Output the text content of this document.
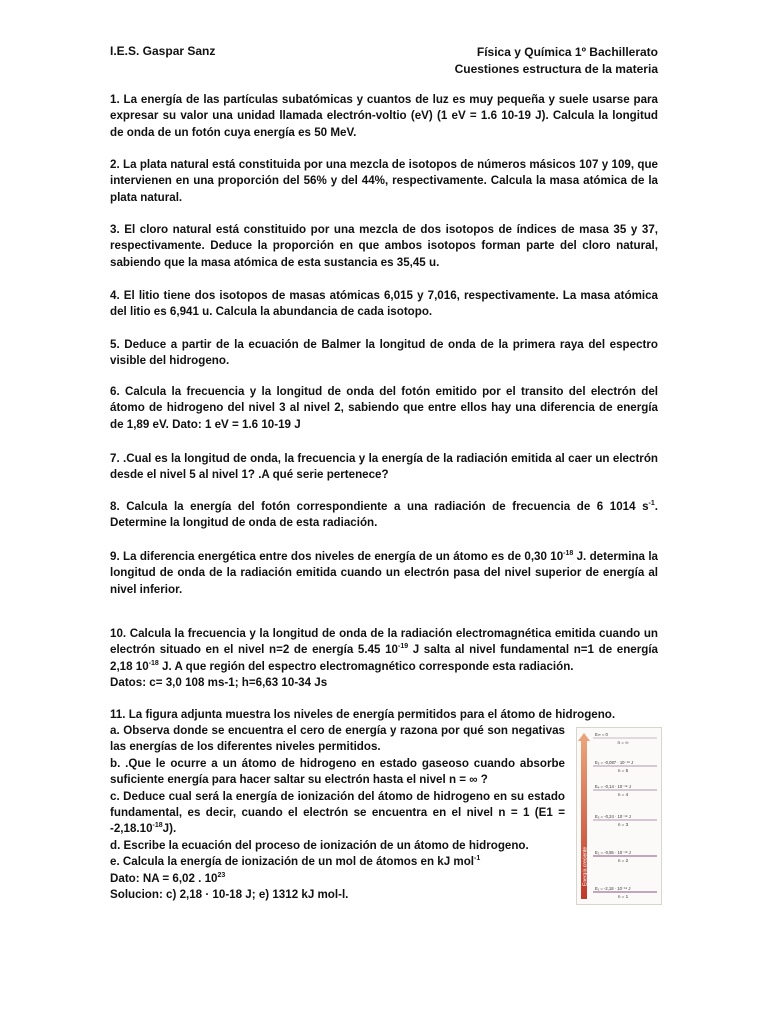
I.E.S. Gaspar Sanz	Física y Química 1º Bachillerato
Cuestiones estructura de la materia

1. La energía de las partículas subatómicas y cuantos de luz es muy pequeña y suele usarse para expresar su valor una unidad llamada electrón-voltio (eV) (1 eV = 1.6 10-19 J). Calcula la longitud de onda de un fotón cuya energía es 50 MeV.

2. La plata natural está constituida por una mezcla de isotopos de números másicos 107 y 109, que intervienen en una proporción del 56% y del 44%, respectivamente. Calcula la masa atómica de la plata natural.

3. El cloro natural está constituido por una mezcla de dos isotopos de índices de masa 35 y 37, respectivamente. Deduce la proporción en que ambos isotopos forman parte del cloro natural, sabiendo que la masa atómica de esta sustancia es 35,45 u.

4. El litio tiene dos isotopos de masas atómicas 6,015 y 7,016, respectivamente. La masa atómica del litio es 6,941 u. Calcula la abundancia de cada isotopo.

5. Deduce a partir de la ecuación de Balmer la longitud de onda de la primera raya del espectro visible del hidrogeno.

6. Calcula la frecuencia y la longitud de onda del fotón emitido por el transito del electrón del átomo de hidrogeno del nivel 3 al nivel 2, sabiendo que entre ellos hay una diferencia de energía de 1,89 eV. Dato: 1 eV = 1.6 10-19 J

7. .Cual es la longitud de onda, la frecuencia y la energía de la radiación emitida al caer un electrón desde el nivel 5 al nivel 1? .A qué serie pertenece?

8. Calcula la energía del fotón correspondiente a una radiación de frecuencia de 6 1014 $s^{-1}$. Determine la longitud de onda de esta radiación.

9. La diferencia energética entre dos niveles de energía de un átomo es de 0,30 $10^{-18}$ J. determina la longitud de onda de la radiación emitida cuando un electrón pasa del nivel superior de energía al nivel inferior.

10. Calcula la frecuencia y la longitud de onda de la radiación electromagnética emitida cuando un electrón situado en el nivel n=2 de energía 5.45 $10^{-19}$ J salta al nivel fundamental n=1 de energía 2,18 $10^{-18}$ J. A que región del espectro electromagnético corresponde esta radiación.

Datos: c= 3,0 108 ms-1; h=6,63 10-34 Js

11. La figura adjunta muestra los niveles de energía permitidos para el átomo de hidrogeno.

a. Observa donde se encuentra el cero de energía y razona por qué son negativas las energías de los diferentes niveles permitidos.

b. .Que le ocurre a un átomo de hidrogeno en estado gaseoso cuando absorbe suficiente energía para hacer saltar su electrón hasta el nivel n = ∞ ?

c. Deduce cual será la energía de ionización del átomo de hidrogeno en su estado fundamental, es decir, cuando el electrón se encuentra en el nivel n = 1 $(E1 = -2,18.10^{-18}J)$.

d. Escribe la ecuación del proceso de ionización de un átomo de hidrogeno.

e. Calcula la energía de ionización de un mol de átomos en kJ mol$^{-1}$

Dato: NA = 6,02 . $10^{23}$

Solucion: c) 2,18 · 10-18 J; e) 1312 kJ mol-l.

Energía creciente
E∞ = 0
n = ∞
E₅ = -0,087 · 10⁻¹⁸ J
n = 5
E₄ = -0,14 · 10⁻¹⁸ J
n = 4
E₃ = -0,24 · 10⁻¹⁸ J
n = 3
E₂ = -0,55 · 10⁻¹⁸ J
n = 2
E₁ = -2,18 · 10⁻¹⁸ J
n = 1
